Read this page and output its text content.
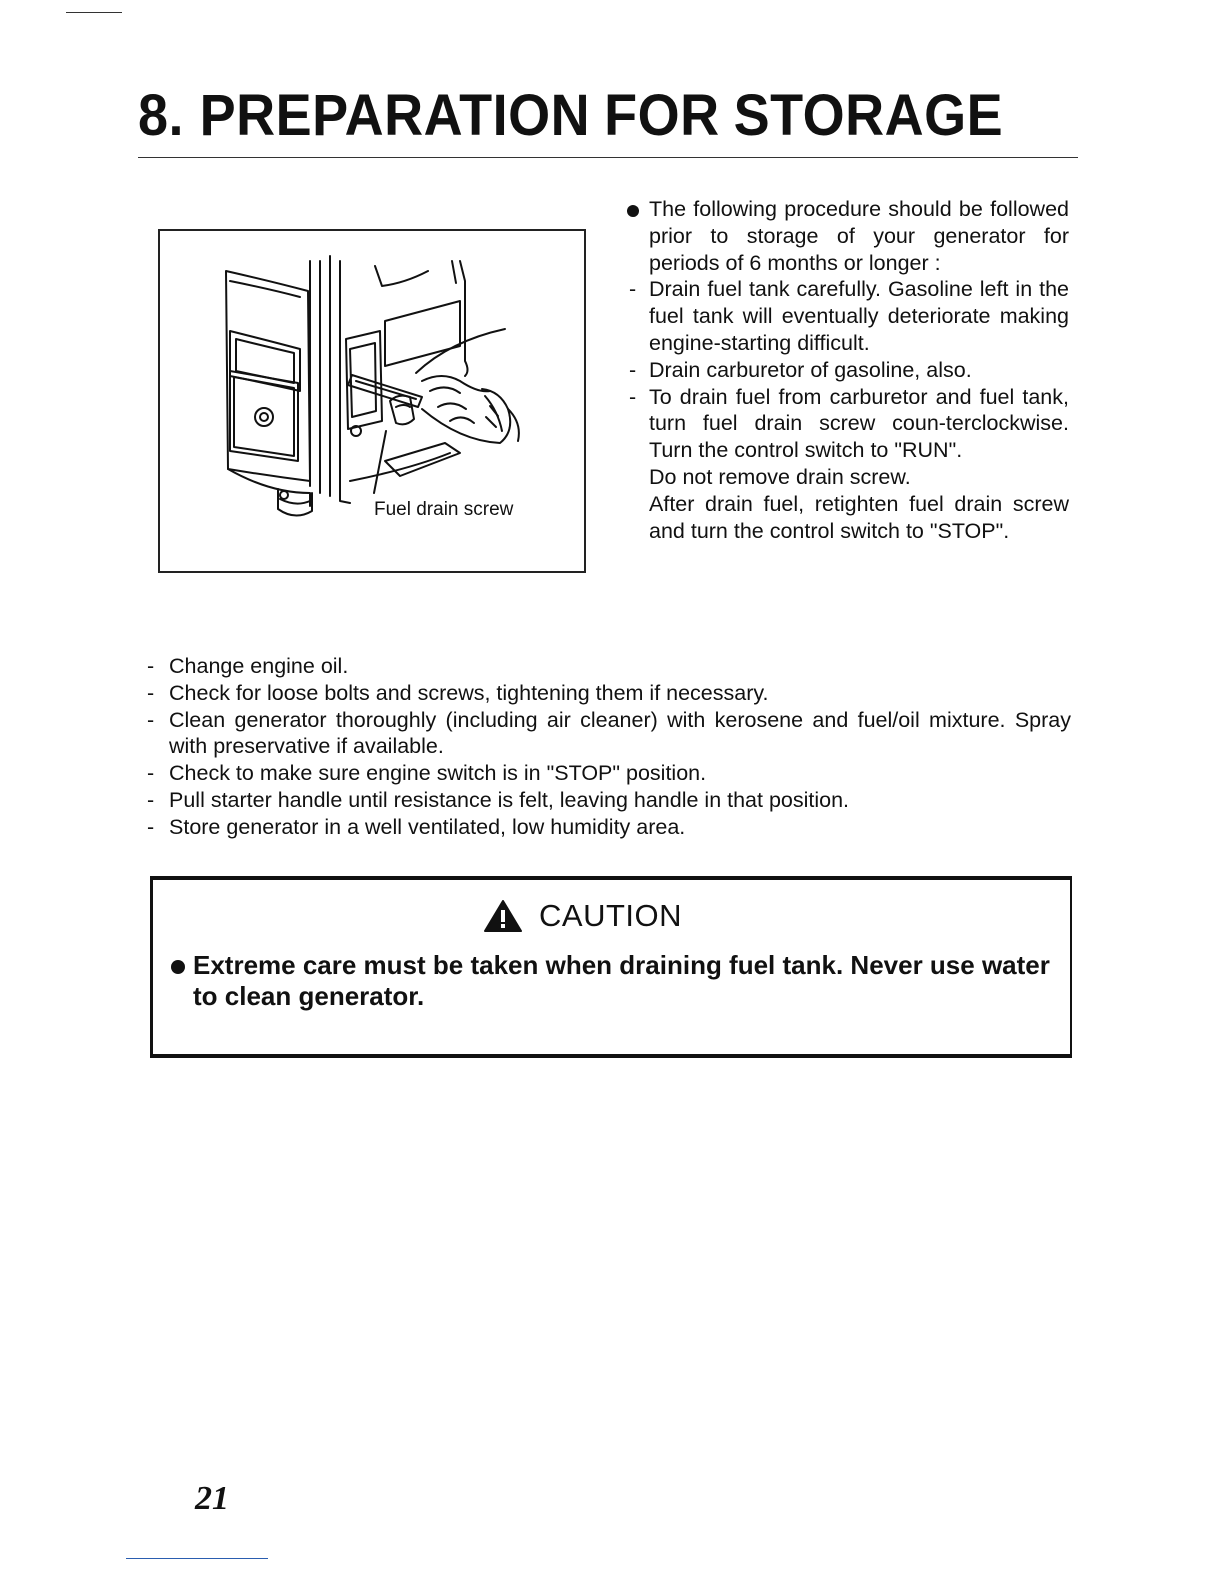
8. PREPARATION FOR STORAGE
Fuel drain screw
The following procedure should be followed prior to storage of your generator for periods of 6 months or longer :
- Drain fuel tank carefully. Gasoline left in the fuel tank will eventually deteriorate making engine-starting difficult.
- Drain carburetor of gasoline, also.
- To drain fuel from carburetor and fuel tank, turn fuel drain screw coun-terclockwise. Turn the control switch to "RUN".
Do not remove drain screw.
After drain fuel, retighten fuel drain screw and turn the control switch to "STOP".
- Change engine oil.
- Check for loose bolts and screws, tightening them if necessary.
- Clean generator thoroughly (including air cleaner) with kerosene and fuel/oil mixture. Spray with preservative if available.
- Check to make sure engine switch is in "STOP" position.
- Pull starter handle until resistance is felt, leaving handle in that position.
- Store generator in a well ventilated, low humidity area.
CAUTION
Extreme care must be taken when draining fuel tank. Never use water to clean generator.
21
